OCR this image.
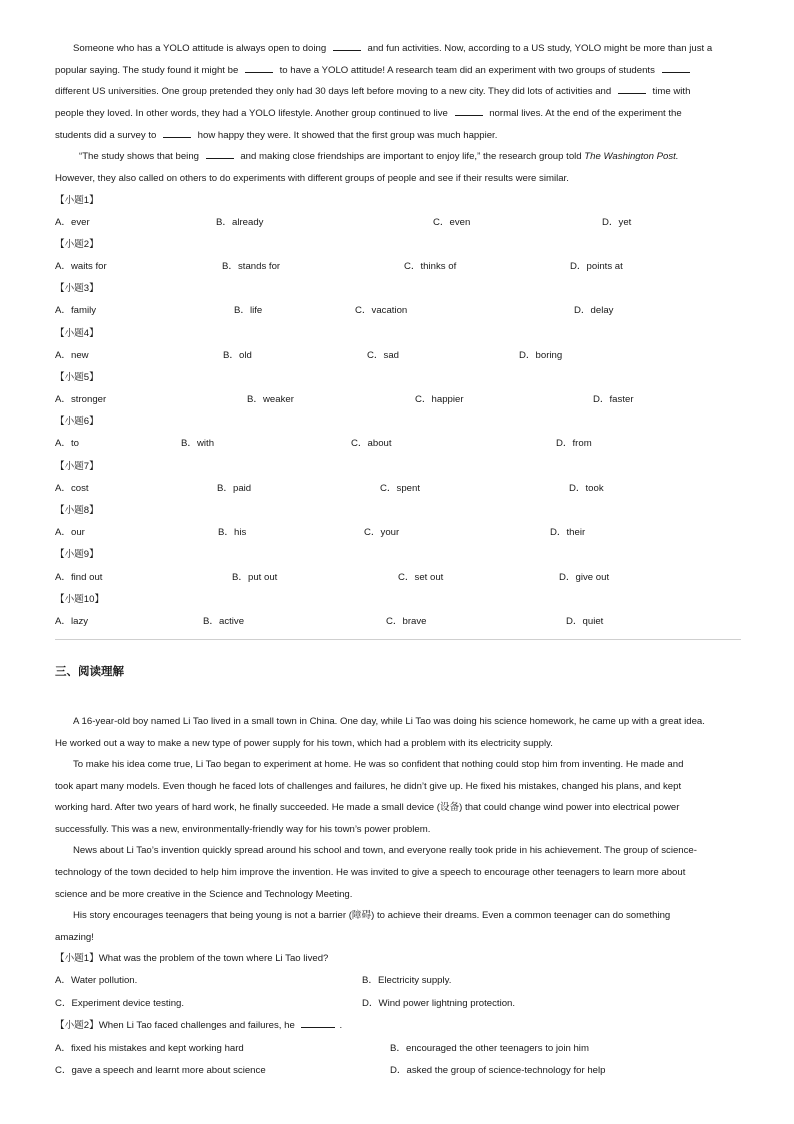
Someone who has a YOLO attitude is always open to doing	and fun activities. Now, according to a US study, YOLO might be more than just a
popular saying. The study found it might be	to have a YOLO attitude! A research team did an experiment with two groups of students
different US universities. One group pretended they only had 30 days left before moving to a new city. They did lots of activities and	time with
people they loved. In other words, they had a YOLO lifestyle. Another group continued to live	normal lives. At the end of the experiment the
students did a survey to	how happy they were. It showed that the first group was much happier.
“The study shows that being	and making close friendships are important to enjoy life,” the research group told The Washington Post.
However, they also called on others to do experiments with different groups of people and see if their results were similar.
【小题1】
A．ever	B．already	C．even	D．yet
【小题2】
A．waits for	B．stands for	C．thinks of	D．points at
【小题3】
A．family	B．life	C．vacation	D．delay
【小题4】
A．new	B．old	C．sad	D．boring
【小题5】
A．stronger	B．weaker	C．happier	D．faster
【小题6】
A．to	B．with	C．about	D．from
【小题7】
A．cost	B．paid	C．spent	D．took
【小题8】
A．our	B．his	C．your	D．their
【小题9】
A．find out	B．put out	C．set out	D．give out
【小题10】
A．lazy	B．active	C．brave	D．quiet
三、阅读理解
A 16-year-old boy named Li Tao lived in a small town in China. One day, while Li Tao was doing his science homework, he came up with a great idea.
He worked out a way to make a new type of power supply for his town, which had a problem with its electricity supply.
To make his idea come true, Li Tao began to experiment at home. He was so confident that nothing could stop him from inventing. He made and
took apart many models. Even though he faced lots of challenges and failures, he didn’t give up. He fixed his mistakes, changed his plans, and kept
working hard. After two years of hard work, he finally succeeded. He made a small device (设备) that could change wind power into electrical power
successfully. This was a new, environmentally-friendly way for his town’s power problem.
News about Li Tao’s invention quickly spread around his school and town, and everyone really took pride in his achievement. The group of science-
technology of the town decided to help him improve the invention. He was invited to give a speech to encourage other teenagers to learn more about
science and be more creative in the Science and Technology Meeting.
His story encourages teenagers that being young is not a barrier (障碍) to achieve their dreams. Even a common teenager can do something
amazing!
【小题1】What was the problem of the town where Li Tao lived?
A．Water pollution.	B．Electricity supply.
C．Experiment device testing.	D．Wind power lightning protection.
【小题2】When Li Tao faced challenges and failures, he	.
A．fixed his mistakes and kept working hard	B．encouraged the other teenagers to join him
C．gave a speech and learnt more about science	D．asked the group of science-technology for help
